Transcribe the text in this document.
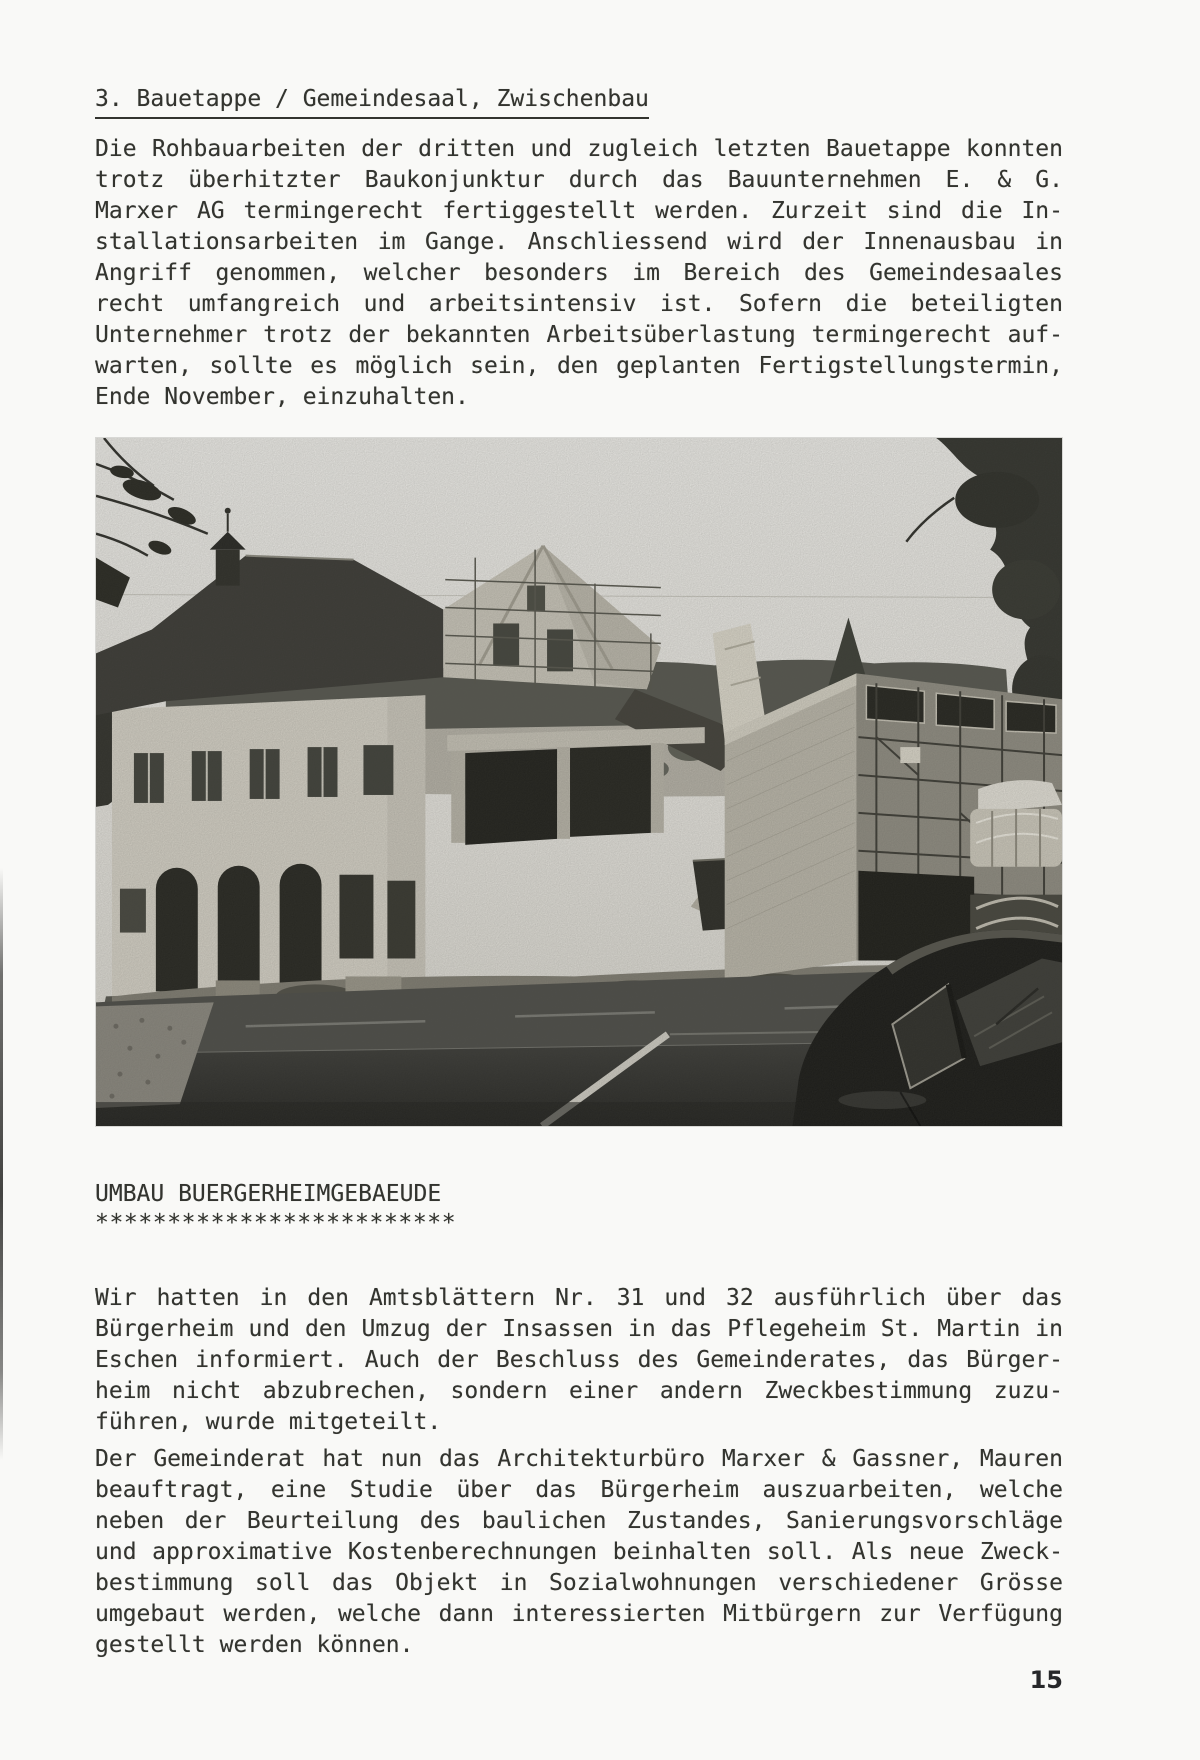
3. Bauetappe / Gemeindesaal, Zwischenbau
Die Rohbauarbeiten der dritten und zugleich letzten Bauetappe konnten
trotz überhitzter Baukonjunktur durch das Bauunternehmen E. & G.
Marxer AG termingerecht fertiggestellt werden. Zurzeit sind die In-
stallationsarbeiten im Gange. Anschliessend wird der Innenausbau in
Angriff genommen, welcher besonders im Bereich des Gemeindesaales
recht umfangreich und arbeitsintensiv ist. Sofern die beteiligten
Unternehmer trotz der bekannten Arbeitsüberlastung termingerecht auf-
warten, sollte es möglich sein, den geplanten Fertigstellungstermin,
Ende November, einzuhalten.
UMBAU BUERGERHEIMGEBAEUDE
*************************
Wir hatten in den Amtsblättern Nr. 31 und 32 ausführlich über das
Bürgerheim und den Umzug der Insassen in das Pflegeheim St. Martin in
Eschen informiert. Auch der Beschluss des Gemeinderates, das Bürger-
heim nicht abzubrechen, sondern einer andern Zweckbestimmung zuzu-
führen, wurde mitgeteilt.
Der Gemeinderat hat nun das Architekturbüro Marxer & Gassner, Mauren
beauftragt, eine Studie über das Bürgerheim auszuarbeiten, welche
neben der Beurteilung des baulichen Zustandes, Sanierungsvorschläge
und approximative Kostenberechnungen beinhalten soll. Als neue Zweck-
bestimmung soll das Objekt in Sozialwohnungen verschiedener Grösse
umgebaut werden, welche dann interessierten Mitbürgern zur Verfügung
gestellt werden können.
15
